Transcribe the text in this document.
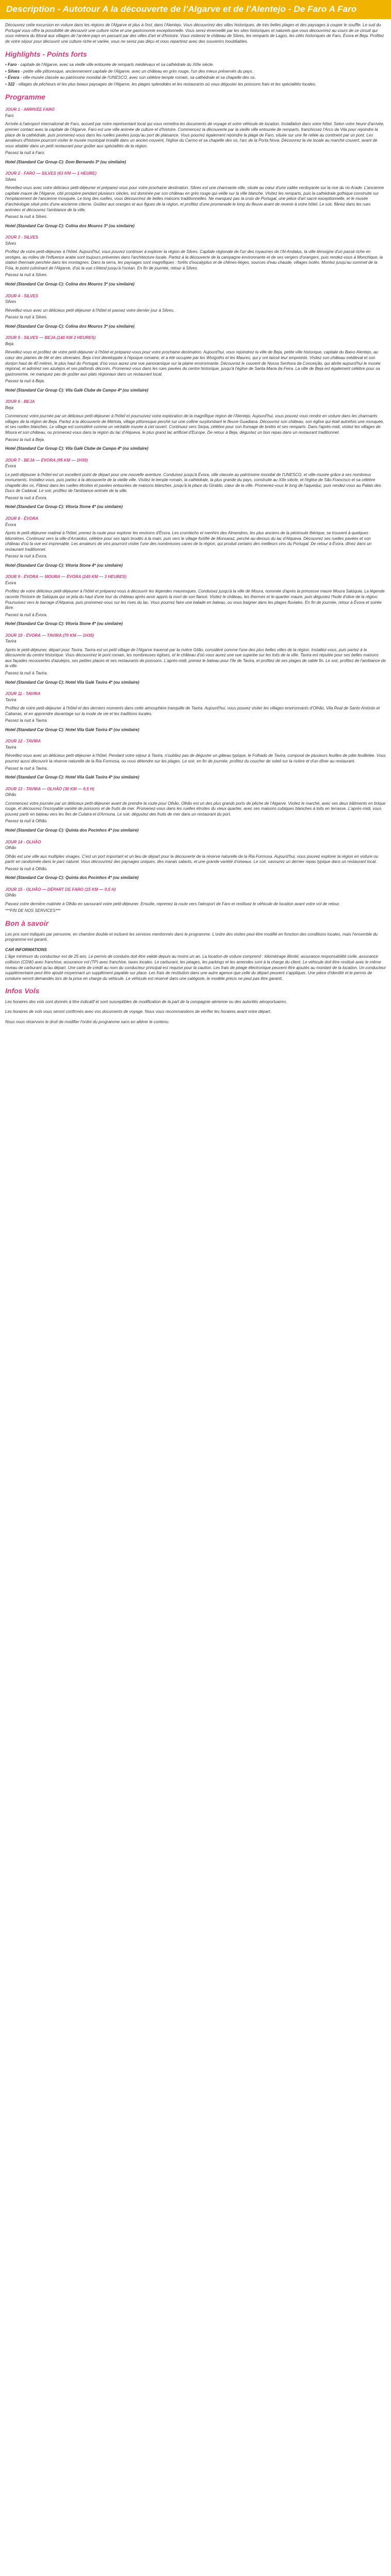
Description - Autotour A la découverte de l'Algarve et de l'Alentejo - De Faro A Faro

Découvrez cette excursion en voiture dans les régions de l'Algarve et plus à l'est, dans l'Alentejo. Vous découvrirez des villes historiques, de très belles plages et des paysages à couper le souffle. Le sud du Portugal vous offre la possibilité de découvrir une culture riche et une gastronomie exceptionnelle. Vous serez émerveillé par les sites historiques et naturels que vous découvrirez au cours de ce circuit qui vous mènera du littoral aux villages de l'arrière-pays en passant par des villes d'art et d'histoire. Vous visiterez le château de Silves, les remparts de Lagos, les cités historiques de Faro, Évora et Beja. Profitez de votre séjour pour découvrir une culture riche et variée, vous ne serez pas déçu et vous repartirez avec des souvenirs inoubliables.

Highlights - Points forts
• Faro - capitale de l'Algarve, avec sa vieille ville entourée de remparts médiévaux et sa cathédrale du XIIIe siècle.
• Silves - petite ville pittoresque, anciennement capitale de l'Algarve, avec un château en grès rouge, l'un des mieux préservés du pays.
• Évora - ville-musée classée au patrimoine mondial de l'UNESCO, avec son célèbre temple romain, sa cathédrale et sa chapelle des os.
• 322 - villages de pêcheurs et les plus beaux paysages de l'Algarve, les plages splendides et les restaurants où vous déguster les poissons frais et les spécialités locales.
Programme
JOUR 1 - ARRIVÉE FARO
Faro

Arrivée à l'aéroport international de Faro, accueil par notre représentant local qui vous remettra les documents de voyage et votre véhicule de location. Installation dans votre hôtel. Selon votre heure d'arrivée, premier contact avec la capitale de l'Algarve. Faro est une ville animée de culture et d'histoire. Commencez la découverte par la vieille ville entourée de remparts, franchissez l'Arco da Vila pour rejoindre la place de la cathédrale, puis promenez-vous dans les ruelles pavées jusqu'au port de plaisance. Vous pourrez également rejoindre la plage de Faro, située sur une île reliée au continent par un pont. Les amateurs d'histoire pourront visiter le musée municipal installé dans un ancien couvent, l'église du Carmo et sa chapelle des os, l'arc de la Porta Nova. Découvrez la vie locale au marché couvert, avant de vous attabler dans un petit restaurant pour goûter aux spécialités de la région.

Passez la nuit à Faro.

Hotel (Standard Car Group C): Dom Bernardo 3* (ou similaire)

JOUR 2 - FARO — SILVES (63 KM — 1 HEURE)
Silves

Réveillez-vous avec votre délicieux petit-déjeuner et préparez-vous pour votre prochaine destination. Silves est une charmante ville, située au cœur d'une vallée verdoyante sur la rive du rio Arade. L'ancienne capitale maure de l'Algarve, cité prospère pendant plusieurs siècles, est dominée par son château en grès rouge qui veille sur la ville blanche. Visitez les remparts, puis la cathédrale gothique construite sur l'emplacement de l'ancienne mosquée. Le long des ruelles, vous découvrirez de belles maisons traditionnelles. Ne manquez pas la croix de Portugal, une pièce d'art sacré exceptionnelle, et le musée d'archéologie situé près d'une ancienne citerne. Goûtez aux oranges et aux figues de la région, et profitez d'une promenade le long du fleuve avant de revenir à votre hôtel. Le soir, flânez dans les rues animées et découvrez l'ambiance de la ville.

Passez la nuit à Silves.

Hotel (Standard Car Group C): Colina dos Mouros 3* (ou similaire)

JOUR 3 - SILVES
Silves

Profitez de votre petit-déjeuner à l'hôtel. Aujourd'hui, vous pouvez continuer à explorer la région de Silves. Capitale régionale de l'un des royaumes de l'Al-Andalus, la ville témoigne d'un passé riche en vestiges, au milieu de l'influence arabe sont toujours présentes dans l'architecture locale. Partez à la découverte de la campagne environnante et de ses vergers d'orangers, puis rendez-vous à Monchique, la station thermale perchée dans les montagnes. Dans la serra, les paysages sont magnifiques : forêts d'eucalyptus et de chênes-lièges, sources d'eau chaude, villages isolés. Montez jusqu'au sommet de la Fóia, le point culminant de l'Algarve, d'où la vue s'étend jusqu'à l'océan. En fin de journée, retour à Silves.

Passez la nuit à Silves.

Hotel (Standard Car Group C): Colina dos Mouros 3* (ou similaire)

JOUR 4 - SILVES
Silves

Réveillez-vous avec un délicieux petit-déjeuner à l'hôtel et passez votre dernier jour à Silves.

Passez la nuit à Silves.

Hotel (Standard Car Group C): Colina dos Mouros 3* (ou similaire)

JOUR 5 - SILVES — BEJA (140 KM 2 HEURES)
Beja

Réveillez-vous et profitez de votre petit-déjeuner à l'hôtel et préparez-vous pour votre prochaine destination. Aujourd'hui, vous rejoindrez la ville de Beja, petite ville historique, capitale du Baixo Alentejo, au cœur des plaines de blé et des oliveraies. Beja s'est développée à l'époque romaine, et a été occupée par les Wisigoths et les Maures, qui y ont laissé leur empreinte. Visitez son château médiéval et son donjon haut de 40 mètres, le plus haut du Portugal, d'où vous aurez une vue panoramique sur la plaine environnante. Découvrez le couvent de Nossa Senhora da Conceição, qui abrite aujourd'hui le musée régional, et admirez ses azulejos et ses plafonds décorés. Promenez-vous dans les rues pavées du centre historique, jusqu'à l'église de Santa Maria da Feira. La ville de Beja est également célèbre pour sa gastronomie, ne manquez pas de goûter aux plats régionaux dans un restaurant local.

Passez la nuit à Beja.

Hotel (Standard Car Group C): Vila Galé Clube de Campo 4* (ou similaire)

JOUR 6 - BEJA
Beja

Commencez votre journée par un délicieux petit-déjeuner à l'hôtel et poursuivez votre exploration de la magnifique région de l'Alentejo. Aujourd'hui, vous pouvez vous rendre en voiture dans les charmants villages de la région de Beja. Partez à la découverte de Mértola, village pittoresque perché sur une colline surplombant le fleuve Guadiana. Découvrez son château, son église qui était autrefois une mosquée, et ses ruelles blanches. Le village est considéré comme un véritable musée à ciel ouvert. Continuez vers Serpa, célèbre pour son fromage de brebis et ses remparts. Dans l'après-midi, visitez les villages de Moura et son château, ou promenez-vous dans la région du lac d'Alqueva, le plus grand lac artificiel d'Europe. De retour à Beja, dégustez un bon repas dans un restaurant traditionnel.

Passez la nuit à Beja.

Hotel (Standard Car Group C): Vila Galé Clube de Campo 4* (ou similaire)

JOUR 7 - BEJA — ÉVORA (95 KM — 1H30)
Évora

Le petit-déjeuner à l'hôtel est un excellent point de départ pour une nouvelle aventure. Conduisez jusqu'à Évora, ville classée au patrimoine mondial de l'UNESCO, et ville-musée grâce à ses nombreux monuments. Installez-vous, puis partez à la découverte de la vieille ville. Visitez le temple romain, la cathédrale, la plus grande du pays, construite au XIIe siècle, et l'église de São Francisco et sa célèbre chapelle des os. Flânez dans les ruelles étroites et pavées entourées de maisons blanches, jusqu'à la place du Giraldo, cœur de la ville. Promenez-vous le long de l'aqueduc, puis rendez-vous au Palais des Ducs de Cadaval. Le soir, profitez de l'ambiance animée de la ville.

Passez la nuit à Évora.

Hotel (Standard Car Group C): Vitoria Stone 4* (ou similaire)

JOUR 8 - ÉVORA
Évora

Après le petit-déjeuner matinal à l'hôtel, prenez la route pour explorer les environs d'Évora. Les cromlechs et menhirs des Almendres, les plus anciens de la péninsule Ibérique, se trouvent à quelques kilomètres. Continuez vers la ville d'Arraiolos, célèbre pour ses tapis brodés à la main, puis vers le village fortifié de Monsaraz, perché au-dessus du lac d'Alqueva. Découvrez ses ruelles pavées et son château d'où la vue est imprenable. Les amateurs de vins pourront visiter l'une des nombreuses caves de la région, qui produit certains des meilleurs vins du Portugal. De retour à Évora, dînez dans un restaurant traditionnel.

Passez la nuit à Évora.

Hotel (Standard Car Group C): Vitoria Stone 4* (ou similaire)

JOUR 9 - ÉVORA — MOURA — ÉVORA (240 KM — 3 HEURES)
Évora

Profitez de votre délicieux petit-déjeuner à l'hôtel et préparez-vous à découvrir les légendes mauresques. Conduisez jusqu'à la ville de Moura, nommée d'après la princesse maure Moura Salúquia. La légende raconte l'histoire de Salúquia qui se jeta du haut d'une tour du château après avoir appris la mort de son fiancé. Visitez le château, les thermes et le quartier maure, puis dégustez l'huile d'olive de la région. Poursuivez vers le barrage d'Alqueva, puis promenez-vous sur les rives du lac. Vous pourrez faire une balade en bateau, ou vous baigner dans les plages fluviales. En fin de journée, retour à Évora et soirée libre.

Passez la nuit à Évora.

Hotel (Standard Car Group C): Vitoria Stone 4* (ou similaire)

JOUR 10 - ÉVORA — TAVIRA (70 KM — 1H30)
Tavira

Après le petit-déjeuner, départ pour Tavira. Tavira est un petit village de l'Algarve traversé par la rivière Gilão, considéré comme l'une des plus belles villes de la région. Installez-vous, puis partez à la découverte du centre historique. Vous découvrirez le pont romain, les nombreuses églises, et le château d'où vous aurez une vue superbe sur les toits de la ville. Tavira est réputée pour ses belles maisons aux façades recouvertes d'azulejos, ses petites places et ses restaurants de poissons. L'après-midi, prenez le bateau pour l'île de Tavira, et profitez de ses plages de sable fin. Le soir, profitez de l'ambiance de la ville.

Passez la nuit à Tavira.

Hotel (Standard Car Group C): Hotel Vila Galé Tavira 4* (ou similaire)

JOUR 11 - TAVIRA
Tavira

Profitez de votre petit-déjeuner à l'hôtel et des derniers moments dans cette atmosphère tranquille de Tavira. Aujourd'hui, vous pouvez visiter les villages environnants d'Olhão, Vila Real de Santo António et Cabanas, et en apprendre davantage sur la mode de vie et les traditions locales.

Passez la nuit à Tavira.

Hotel (Standard Car Group C): Hotel Vila Galé Tavira 4* (ou similaire)

JOUR 12 - TAVIRA
Tavira

Réveillez-vous avec un délicieux petit-déjeuner à l'hôtel. Pendant votre séjour à Tavira, n'oubliez pas de déguster un gâteau typique, le Folhado de Tavira, composé de plusieurs feuilles de pâte feuilletée. Vous pourrez aussi découvrir la réserve naturelle de la Ria Formosa, ou vous détendre sur les plages. Le soir, en fin de journée, profitez du coucher de soleil sur la rivière et d'un dîner au restaurant.

Passez la nuit à Tavira.

Hotel (Standard Car Group C): Hotel Vila Galé Tavira 4* (ou similaire)

JOUR 13 - TAVIRA — OLHÃO (30 KM — 0,5 H)
Olhão

Commencez votre journée par un délicieux petit-déjeuner avant de prendre la route pour Olhão. Olhão est un des plus grands ports de pêche de l'Algarve. Visitez le marché, avec ses deux bâtiments en brique rouge, et découvrez l'incroyable variété de poissons et de fruits de mer. Promenez-vous dans les ruelles étroites du vieux quartier, avec ses maisons cubiques blanches à toits en terrasse. L'après-midi, vous pouvez partir en bateau vers les îles de Culatra et d'Armona. Le soir, dégustez des fruits de mer dans un restaurant du port.

Passez la nuit à Olhão.

Hotel (Standard Car Group C): Quinta dos Pocinhos 4* (ou similaire)

JOUR 14 - OLHÃO
Olhão

Olhão est une ville aux multiples visages. C'est un port important et un lieu de départ pour la découverte de la réserve naturelle de la Ria Formosa. Aujourd'hui, vous pouvez explorer la région en voiture ou partir en randonnée dans le parc naturel. Vous découvrirez des paysages uniques, des marais salants, et une grande variété d'oiseaux. Le soir, savourez un dernier repas typique dans un restaurant local.

Passez la nuit à Olhão.

Hotel (Standard Car Group C): Quinta dos Pocinhos 4* (ou similaire)

JOUR 15 - OLHÃO — DÉPART DE FARO (15 KM — 0,5 H)
Olhão

Passez votre dernière matinée à Olhão en savourant votre petit-déjeuner. Ensuite, reprenez la route vers l'aéroport de Faro et restituez le véhicule de location avant votre vol de retour.

***FIN DE NOS SERVICES***

Bon à savoir

Les prix sont indiqués par personne, en chambre double et incluent les services mentionnés dans le programme. L'ordre des visites peut être modifié en fonction des conditions locales, mais l'ensemble du programme est garanti.

CAR INFORMATIONS

L'âge minimum du conducteur est de 25 ans. Le permis de conduire doit être valide depuis au moins un an. La location de voiture comprend : kilométrage illimité, assurance responsabilité civile, assurance collision (CDW) avec franchise, assurance vol (TP) avec franchise, taxes locales. Le carburant, les péages, les parkings et les amendes sont à la charge du client. Le véhicule doit être restitué avec le même niveau de carburant qu'au départ. Une carte de crédit au nom du conducteur principal est requise pour la caution. Les frais de péage électronique peuvent être ajoutés au montant de la location. Un conducteur supplémentaire peut être ajouté moyennant un supplément payable sur place. Les frais de restitution dans une autre agence que celle du départ peuvent s'appliquer. Une pièce d'identité et le permis de conduire seront demandés lors de la prise en charge du véhicule. Le véhicule est réservé dans une catégorie, le modèle précis ne peut pas être garanti.

Infos Vols

Les horaires des vols sont donnés à titre indicatif et sont susceptibles de modification de la part de la compagnie aérienne ou des autorités aéroportuaires.

Les horaires de vols vous seront confirmés avec vos documents de voyage. Nous vous recommandons de vérifier les horaires avant votre départ.

Nous nous réservons le droit de modifier l'ordre du programme sans en altérer le contenu.
